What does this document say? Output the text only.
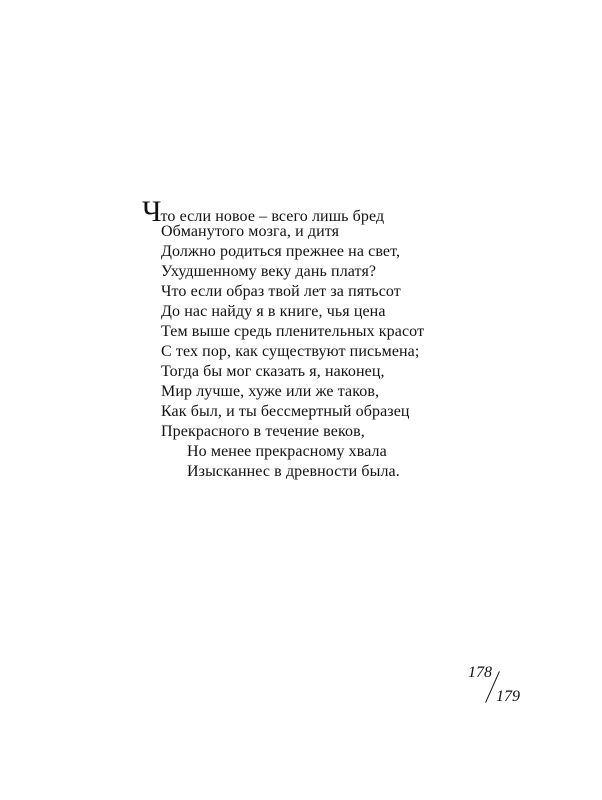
Что если новое – всего лишь бред
Обманутого мозга, и дитя
Должно родиться прежнее на свет,
Ухудшенному веку дань платя?
Что если образ твой лет за пятьсот
До нас найду я в книге, чья цена
Тем выше средь пленительных красот
С тех пор, как существуют письмена;
Тогда бы мог сказать я, наконец,
Мир лучше, хуже или же таков,
Как был, и ты бессмертный образец
Прекрасного в течение веков,
Но менее прекрасному хвала
Изысканнес в древности была.
178
179
